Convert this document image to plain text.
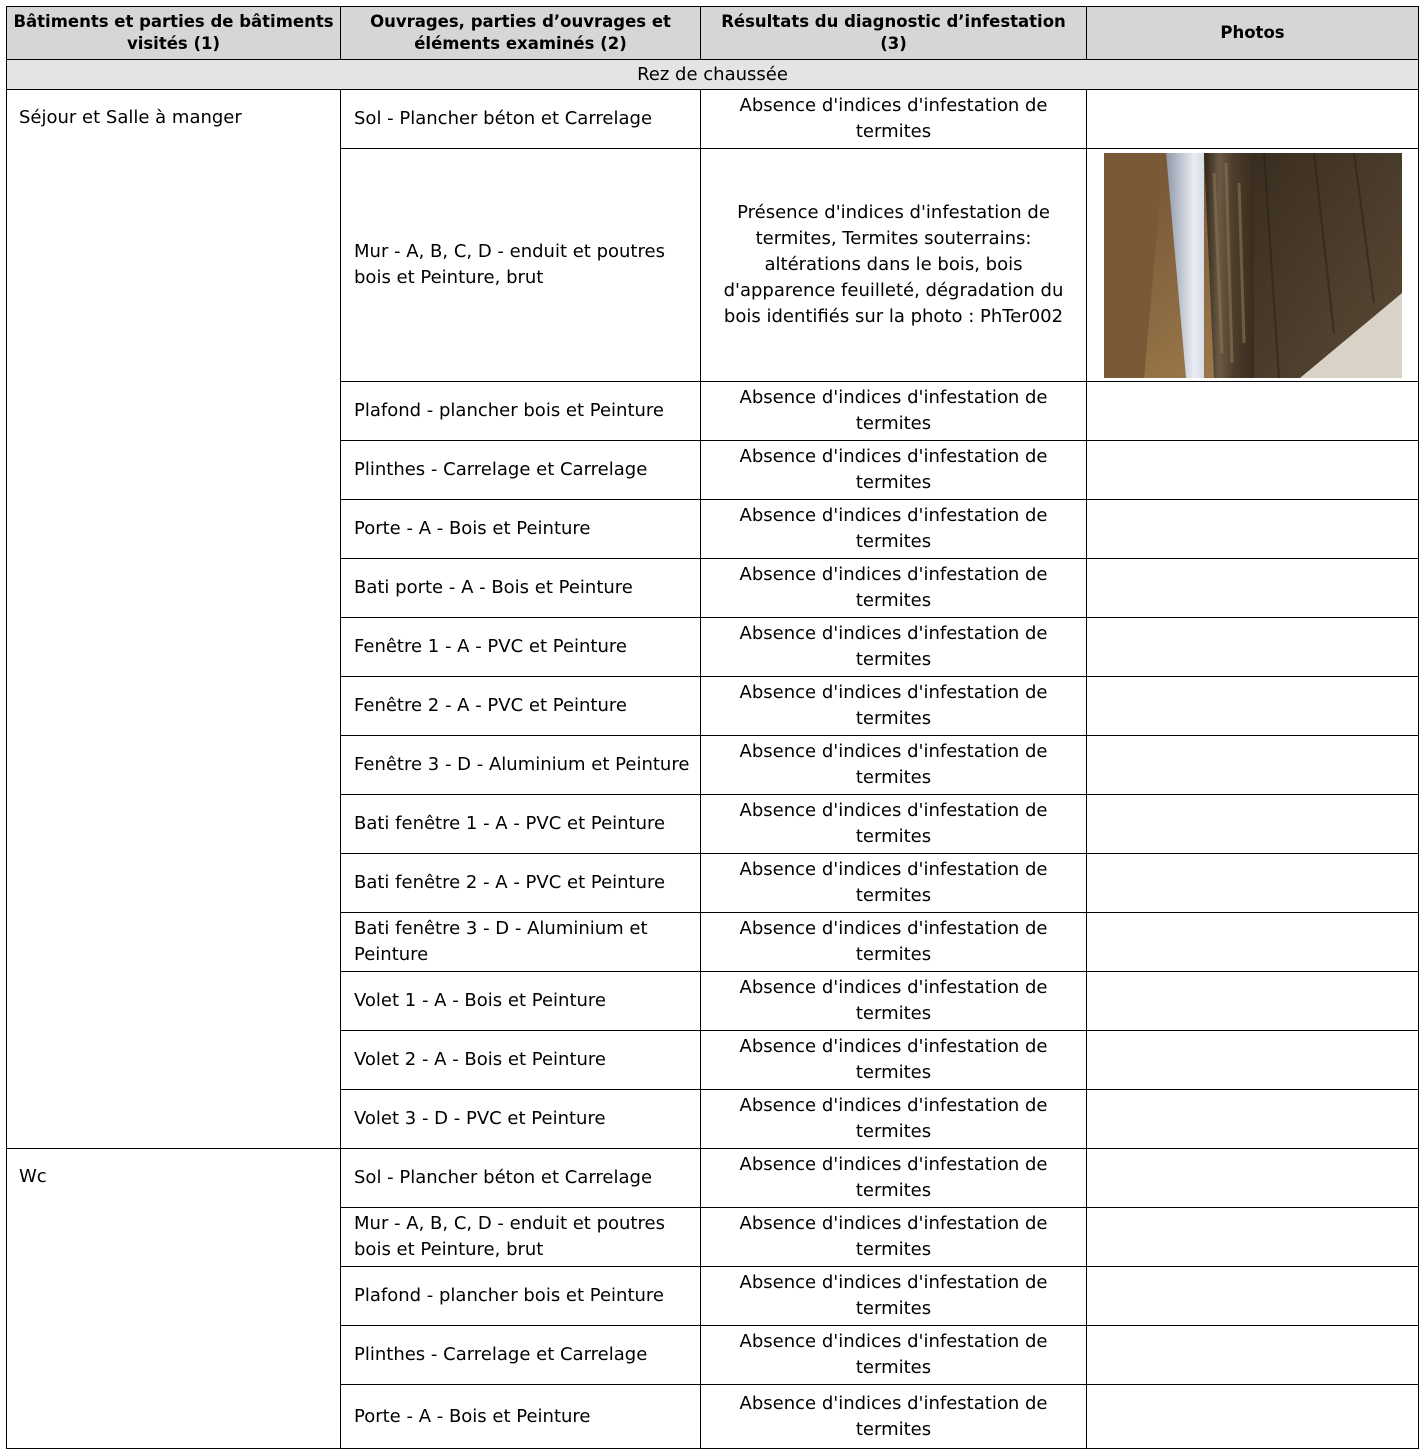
Bâtiments et parties de bâtiments visités (1)	Ouvrages, parties d’ouvrages et éléments examinés (2)	Résultats du diagnostic d’infestation (3)	Photos
Rez de chaussée			
Séjour et Salle à manger	Sol - Plancher béton et Carrelage	Absence d'indices d'infestation de termites	
	Mur - A, B, C, D - enduit et poutres bois et Peinture, brut	Présence d'indices d'infestation de termites, Termites souterrains: altérations dans le bois, bois d'apparence feuilleté, dégradation du bois identifiés sur la photo : PhTer002	

	Plafond - plancher bois et Peinture	Absence d'indices d'infestation de termites	
	Plinthes - Carrelage et Carrelage	Absence d'indices d'infestation de termites	
	Porte - A - Bois et Peinture	Absence d'indices d'infestation de termites	
	Bati porte - A - Bois et Peinture	Absence d'indices d'infestation de termites	
	Fenêtre 1 - A - PVC et Peinture	Absence d'indices d'infestation de termites	
	Fenêtre 2 - A - PVC et Peinture	Absence d'indices d'infestation de termites	
	Fenêtre 3 - D - Aluminium et Peinture	Absence d'indices d'infestation de termites	
	Bati fenêtre 1 - A - PVC et Peinture	Absence d'indices d'infestation de termites	
	Bati fenêtre 2 - A - PVC et Peinture	Absence d'indices d'infestation de termites	
	Bati fenêtre 3 - D - Aluminium et Peinture	Absence d'indices d'infestation de termites	
	Volet 1 - A - Bois et Peinture	Absence d'indices d'infestation de termites	
	Volet 2 - A - Bois et Peinture	Absence d'indices d'infestation de termites	
	Volet 3 - D - PVC et Peinture	Absence d'indices d'infestation de termites	
Wc	Sol - Plancher béton et Carrelage	Absence d'indices d'infestation de termites	
	Mur - A, B, C, D - enduit et poutres bois et Peinture, brut	Absence d'indices d'infestation de termites	
	Plafond - plancher bois et Peinture	Absence d'indices d'infestation de termites	
	Plinthes - Carrelage et Carrelage	Absence d'indices d'infestation de termites	
	Porte - A - Bois et Peinture	Absence d'indices d'infestation de termites	
